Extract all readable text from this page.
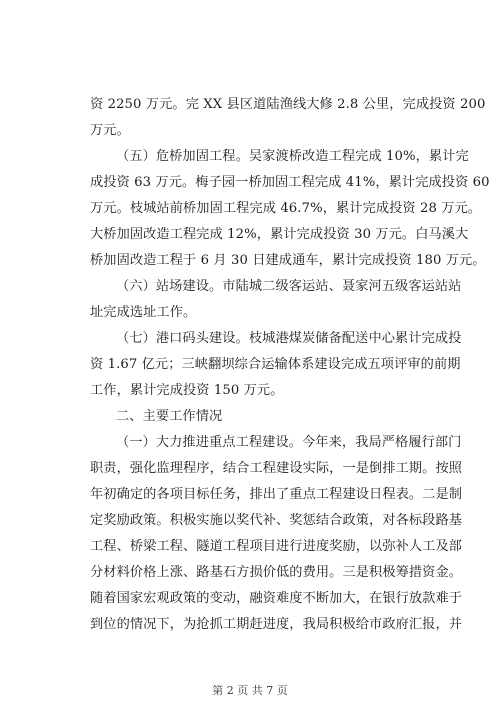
资 2250 万元。完 XX 县区道陆渔线大修 2.8 公里，完成投资 200
万元。
（五）危桥加固工程。吴家渡桥改造工程完成 10%，累计完
成投资 63 万元。梅子园一桥加固工程完成 41%，累计完成投资 60
万元。枝城站前桥加固工程完成 46.7%，累计完成投资 28 万元。
大桥加固改造工程完成 12%，累计完成投资 30 万元。白马溪大
桥加固改造工程于 6 月 30 日建成通车，累计完成投资 180 万元。
（六）站场建设。市陆城二级客运站、聂家河五级客运站站
址完成选址工作。
（七）港口码头建设。枝城港煤炭储备配送中心累计完成投
资 1.67 亿元；三峡翻坝综合运输体系建设完成五项评审的前期
工作，累计完成投资 150 万元。
二、主要工作情况
（一）大力推进重点工程建设。今年来，我局严格履行部门
职责，强化监理程序，结合工程建设实际，一是倒排工期。按照
年初确定的各项目标任务，排出了重点工程建设日程表。二是制
定奖励政策。积极实施以奖代补、奖惩结合政策，对各标段路基
工程、桥梁工程、隧道工程项目进行进度奖励，以弥补人工及部
分材料价格上涨、路基石方损价低的费用。三是积极筹措资金。
随着国家宏观政策的变动，融资难度不断加大，在银行放款难于
到位的情况下，为抢抓工期赶进度，我局积极给市政府汇报，并
第 2 页 共 7 页
